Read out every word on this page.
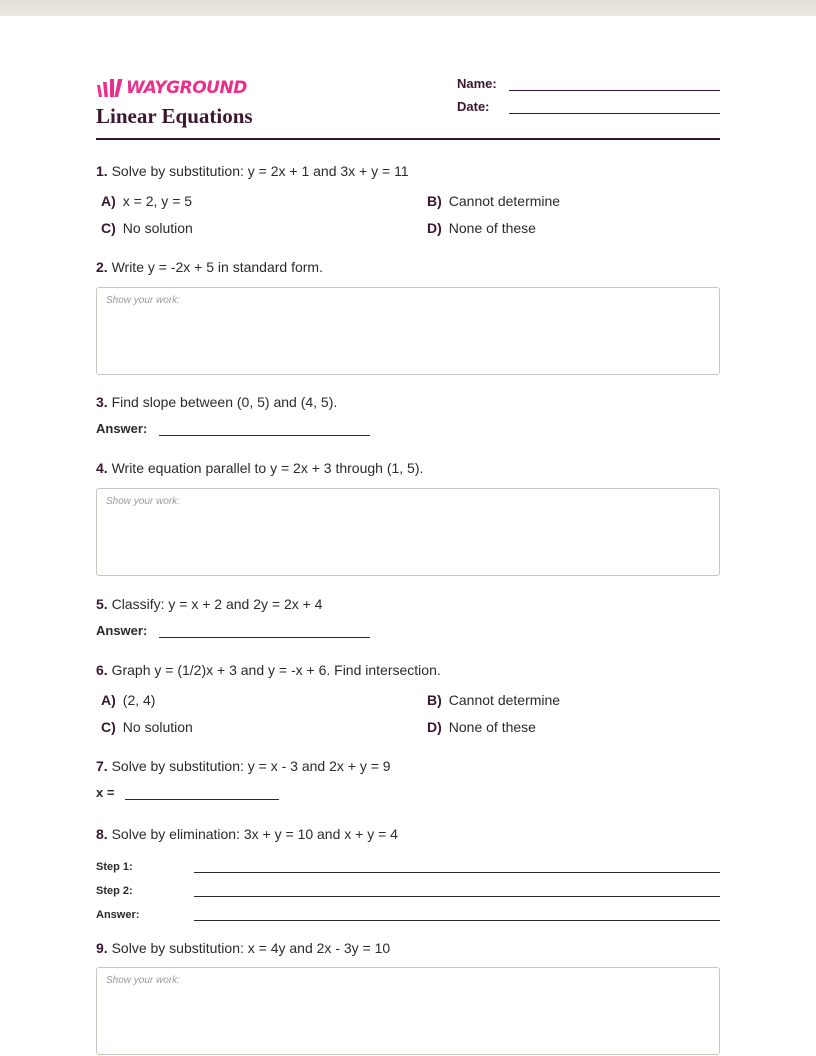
WAYGROUND
Linear Equations
Name:
Date:
1. Solve by substitution: y = 2x + 1 and 3x + y = 11
A) x = 2, y = 5	B) Cannot determine
C) No solution	D) None of these
2. Write y = -2x + 5 in standard form.
Show your work:
3. Find slope between (0, 5) and (4, 5).
Answer:
4. Write equation parallel to y = 2x + 3 through (1, 5).
Show your work:
5. Classify: y = x + 2 and 2y = 2x + 4
Answer:
6. Graph y = (1/2)x + 3 and y = -x + 6. Find intersection.
A) (2, 4)	B) Cannot determine
C) No solution	D) None of these
7. Solve by substitution: y = x - 3 and 2x + y = 9
x =
8. Solve by elimination: 3x + y = 10 and x + y = 4
Step 1:
Step 2:
Answer:
9. Solve by substitution: x = 4y and 2x - 3y = 10
Show your work:
